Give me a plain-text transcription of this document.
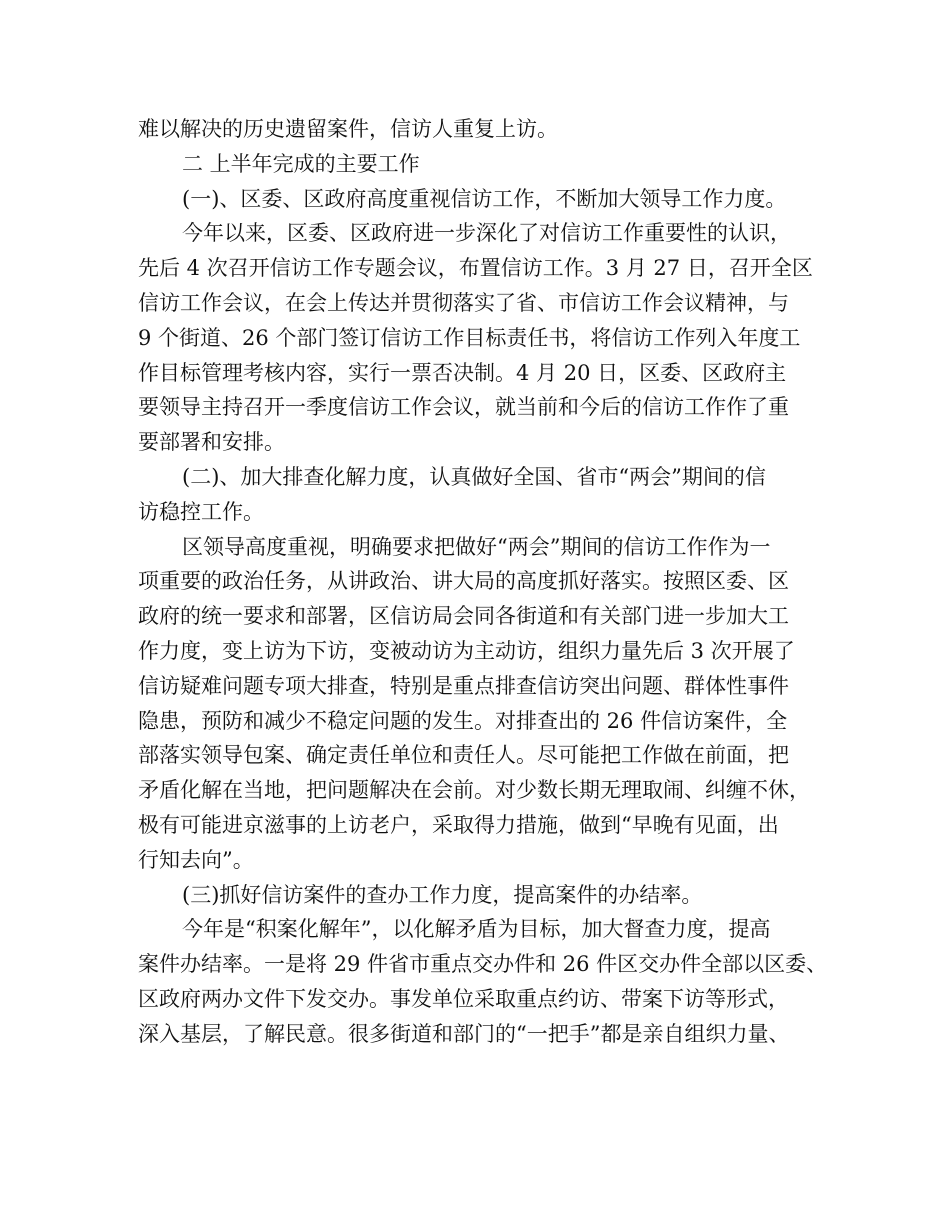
难以解决的历史遗留案件，信访人重复上访。
二 上半年完成的主要工作
(一)、区委、区政府高度重视信访工作，不断加大领导工作力度。
今年以来，区委、区政府进一步深化了对信访工作重要性的认识，
先后 4 次召开信访工作专题会议，布置信访工作。3 月 27 日，召开全区
信访工作会议，在会上传达并贯彻落实了省、市信访工作会议精神，与
9 个街道、26 个部门签订信访工作目标责任书，将信访工作列入年度工
作目标管理考核内容，实行一票否决制。4 月 20 日，区委、区政府主
要领导主持召开一季度信访工作会议，就当前和今后的信访工作作了重
要部署和安排。
(二)、加大排查化解力度，认真做好全国、省市“两会”期间的信
访稳控工作。
区领导高度重视，明确要求把做好“两会”期间的信访工作作为一
项重要的政治任务，从讲政治、讲大局的高度抓好落实。按照区委、区
政府的统一要求和部署，区信访局会同各街道和有关部门进一步加大工
作力度，变上访为下访，变被动访为主动访，组织力量先后 3 次开展了
信访疑难问题专项大排查，特别是重点排查信访突出问题、群体性事件
隐患，预防和减少不稳定问题的发生。对排查出的 26 件信访案件，全
部落实领导包案、确定责任单位和责任人。尽可能把工作做在前面，把
矛盾化解在当地，把问题解决在会前。对少数长期无理取闹、纠缠不休，
极有可能进京滋事的上访老户，采取得力措施，做到“早晚有见面，出
行知去向”。
(三)抓好信访案件的查办工作力度，提高案件的办结率。
今年是“积案化解年”，以化解矛盾为目标，加大督查力度，提高
案件办结率。一是将 29 件省市重点交办件和 26 件区交办件全部以区委、
区政府两办文件下发交办。事发单位采取重点约访、带案下访等形式，
深入基层，了解民意。很多街道和部门的“一把手”都是亲自组织力量、
